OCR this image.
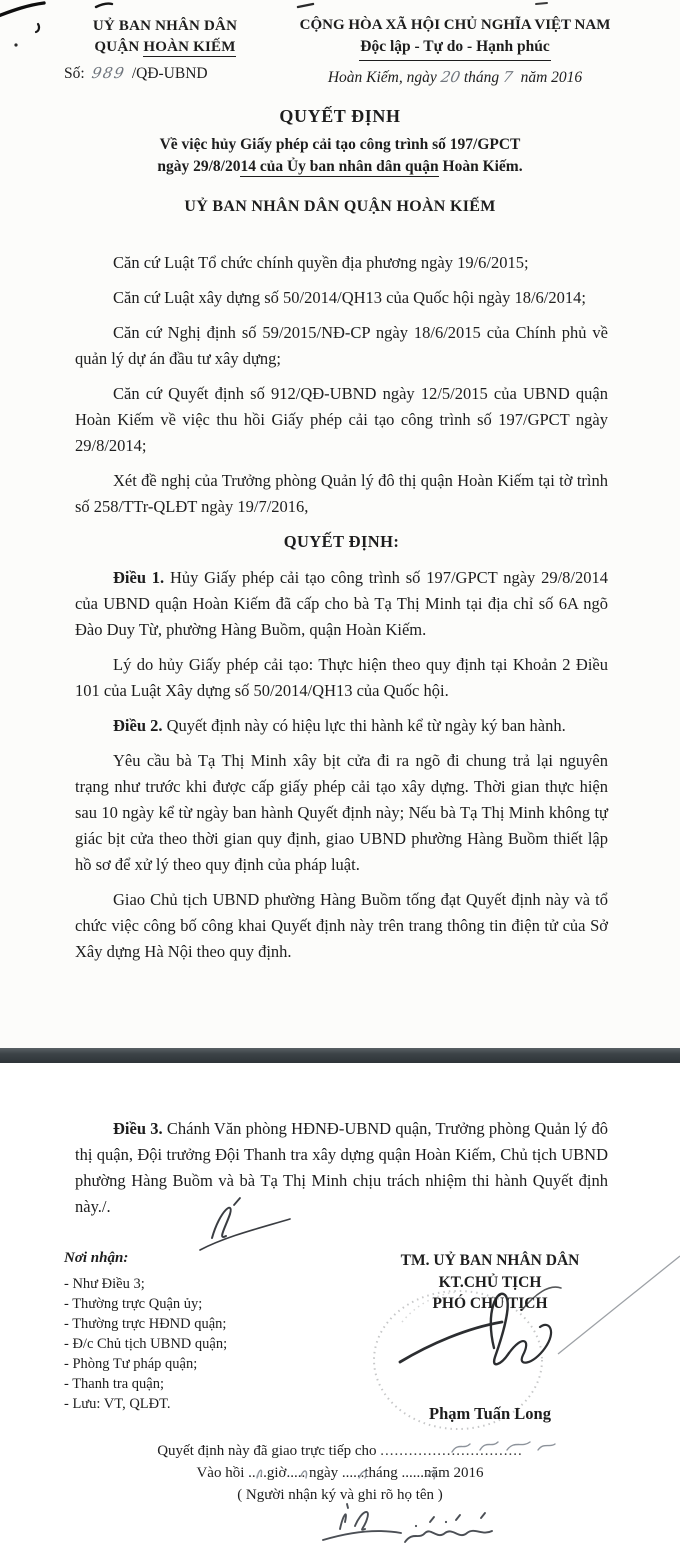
UỶ BAN NHÂN DÂN
QUẬN HOÀN KIẾM
Số: 989 /QĐ-UBND
CỘNG HÒA XÃ HỘI CHỦ NGHĨA VIỆT NAM
Độc lập - Tự do - Hạnh phúc
Hoàn Kiếm, ngày 20 tháng 7 năm 2016
QUYẾT ĐỊNH
Về việc hủy Giấy phép cải tạo công trình số 197/GPCT
ngày 29/8/2014 của Ủy ban nhân dân quận Hoàn Kiếm.
UỶ BAN NHÂN DÂN QUẬN HOÀN KIẾM

Căn cứ Luật Tổ chức chính quyền địa phương ngày 19/6/2015;

Căn cứ Luật xây dựng số 50/2014/QH13 của Quốc hội ngày 18/6/2014;

Căn cứ Nghị định số 59/2015/NĐ-CP ngày 18/6/2015 của Chính phủ về quản lý dự án đầu tư xây dựng;

Căn cứ Quyết định số 912/QĐ-UBND ngày 12/5/2015 của UBND quận Hoàn Kiếm về việc thu hồi Giấy phép cải tạo công trình số 197/GPCT ngày 29/8/2014;

Xét đề nghị của Trưởng phòng Quản lý đô thị quận Hoàn Kiếm tại tờ trình số 258/TTr-QLĐT ngày 19/7/2016,

QUYẾT ĐỊNH:

Điều 1. Hủy Giấy phép cải tạo công trình số 197/GPCT ngày 29/8/2014 của UBND quận Hoàn Kiếm đã cấp cho bà Tạ Thị Minh tại địa chỉ số 6A ngõ Đào Duy Từ, phường Hàng Buồm, quận Hoàn Kiếm.

Lý do hủy Giấy phép cải tạo: Thực hiện theo quy định tại Khoản 2 Điều 101 của Luật Xây dựng số 50/2014/QH13 của Quốc hội.

Điều 2. Quyết định này có hiệu lực thi hành kể từ ngày ký ban hành.

Yêu cầu bà Tạ Thị Minh xây bịt cửa đi ra ngõ đi chung trả lại nguyên trạng như trước khi được cấp giấy phép cải tạo xây dựng. Thời gian thực hiện sau 10 ngày kể từ ngày ban hành Quyết định này; Nếu bà Tạ Thị Minh không tự giác bịt cửa theo thời gian quy định, giao UBND phường Hàng Buồm thiết lập hồ sơ để xử lý theo quy định của pháp luật.

Giao Chủ tịch UBND phường Hàng Buồm tống đạt Quyết định này và tổ chức việc công bố công khai Quyết định này trên trang thông tin điện tử của Sở Xây dựng Hà Nội theo quy định.

Điều 3. Chánh Văn phòng HĐNĐ-UBND quận, Trưởng phòng Quản lý đô thị quận, Đội trưởng Đội Thanh tra xây dựng quận Hoàn Kiếm, Chủ tịch UBND phường Hàng Buồm và bà Tạ Thị Minh chịu trách nhiệm thi hành Quyết định này./.

Nơi nhận:
- Như Điều 3;
- Thường trực Quận ủy;
- Thường trực HĐND quận;
- Đ/c Chủ tịch UBND quận;
- Phòng Tư pháp quận;
- Thanh tra quận;
- Lưu: VT, QLĐT.
TM. UỶ BAN NHÂN DÂN
KT.CHỦ TỊCH
PHÓ CHỦ TỊCH
Phạm Tuấn Long
Quyết định này đã giao trực tiếp cho ..............................
Vào hồi .....giờ..... ngày ......tháng ......năm 2016
( Người nhận ký và ghi rõ họ tên )
